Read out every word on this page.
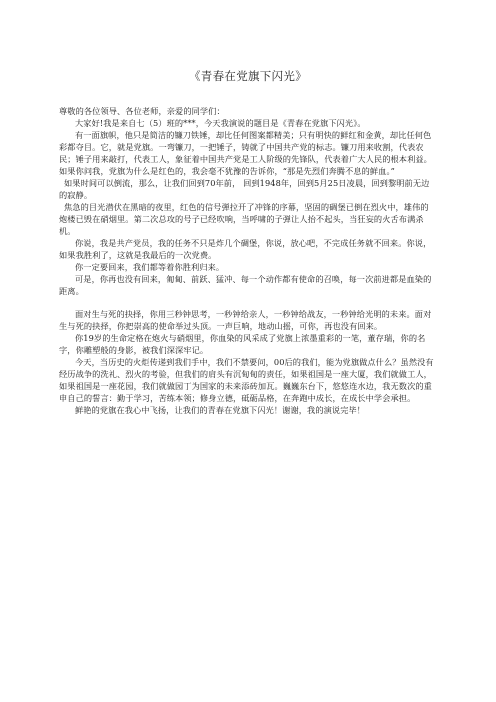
《青春在党旗下闪光》

尊敬的各位领导、各位老师，亲爱的同学们：

大家好!我是来自七（5）班的***，今天我演说的题目是《青春在党旗下闪光》。

有一面旗帜，他只是简洁的镰刀铁锤，却比任何图案都精美；只有明快的鲜红和金黄，却比任何色彩都夺目。它，就是党旗。一弯镰刀，一把锤子，铸就了中国共产党的标志。镰刀用来收割，代表农民；锤子用来敲打，代表工人，象征着中国共产党是工人阶级的先锋队，代表着广大人民的根本利益。如果你问我，党旗为什么是红色的，我会毫不犹豫的告诉你，“那是先烈们奔腾不息的鲜血。”

如果时间可以倒流，那么，让我们回到70年前， 回到1948年，回到5月25日凌晨，回到黎明前无边的寂静。

焦急的目光潜伏在黑暗的夜里，红色的信号弹拉开了冲锋的序幕，坚固的碉堡已倒在烈火中，雄伟的炮楼已毁在硝烟里。第二次总攻的号子已经吹响，当呼啸的子弹让人抬不起头，当狂妄的火舌布满杀机。

你说，我是共产党员，我的任务不只是炸几个碉堡，你说，放心吧，不完成任务就不回来。你说，如果我胜利了，这就是我最后的一次党费。

你一定要回来，我们都等着你胜利归来。

可是，你再也没有回来，匍匐、前跃、猛冲、每一个动作都有使命的召唤，每一次前进都是血染的距离。

面对生与死的抉择，你用三秒钟思考，一秒钟给亲人，一秒钟给战友，一秒钟给光明的未来。面对生与死的抉择，你把崇高的使命举过头顶。一声巨响，地动山摇，可你，再也没有回来。

你19岁的生命定格在炮火与硝烟里，你血染的风采成了党旗上浓墨重彩的一笔，董存瑞，你的名字，你雕塑般的身影，被我们深深牢记。

今天，当历史的火炬传递到我们手中，我们不禁要问，00后的我们，能为党旗做点什么？虽然没有经历战争的洗礼、烈火的考验，但我们的肩头有沉甸甸的责任，如果祖国是一座大厦，我们就做工人，如果祖国是一座花园，我们就做园丁为国家的未来添砖加瓦。巍巍东台下，悠悠连水边，我无数次的重申自己的誓言：勤于学习，苦练本领；修身立德，砥砺品格，在奔跑中成长，在成长中学会承担。

鲜艳的党旗在我心中飞扬，让我们的青春在党旗下闪光！谢谢，我的演说完毕！
